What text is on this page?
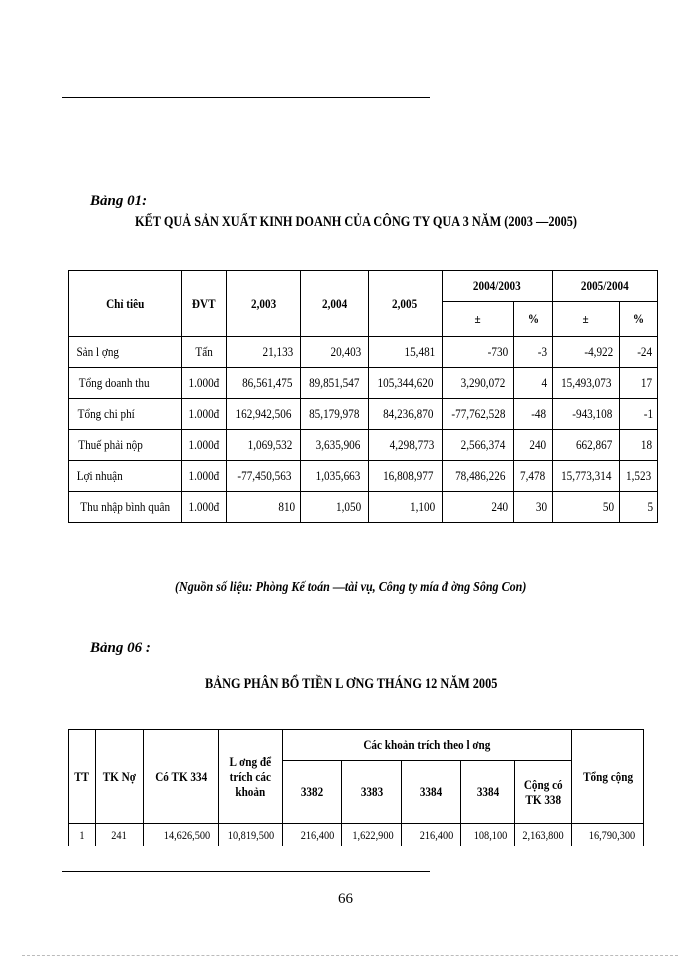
Bảng 01:
KẾT QUẢ SẢN XUẤT KINH DOANH CỦA CÔNG TY QUA 3 NĂM (2003 —2005)
Chỉ tiêu	ĐVT	2,003	2,004	2,005	2004/2003		2005/2004	
					±	%	±	%
Sản l ợng	Tấn	21,133	20,403	15,481	-730	-3	-4,922	-24
Tổng doanh thu	1.000đ	86,561,475	89,851,547	105,344,620	3,290,072	4	15,493,073	17
Tổng chi phí	1.000đ	162,942,506	85,179,978	84,236,870	-77,762,528	-48	-943,108	-1
Thuế phải nộp	1.000đ	1,069,532	3,635,906	4,298,773	2,566,374	240	662,867	18
Lợi nhuận	1.000đ	-77,450,563	1,035,663	16,808,977	78,486,226	7,478	15,773,314	1,523
Thu nhập bình quân	1.000đ	810	1,050	1,100	240	30	50	5
(Nguồn số liệu: Phòng Kế toán —tài vụ, Công ty mía đ ờng Sông Con)
Bảng 06 :
BẢNG PHÂN BỔ TIỀN L ƠNG THÁNG 12 NĂM 2005
TT	TK Nợ	Có TK 334	L ơng để trích các khoản	Các khoản trích theo l ơng					Tổng cộng
				3382	3383	3384	3384	Cộng có TK 338	
1	241	14,626,500	10,819,500	216,400	1,622,900	216,400	108,100	2,163,800	16,790,300
66
